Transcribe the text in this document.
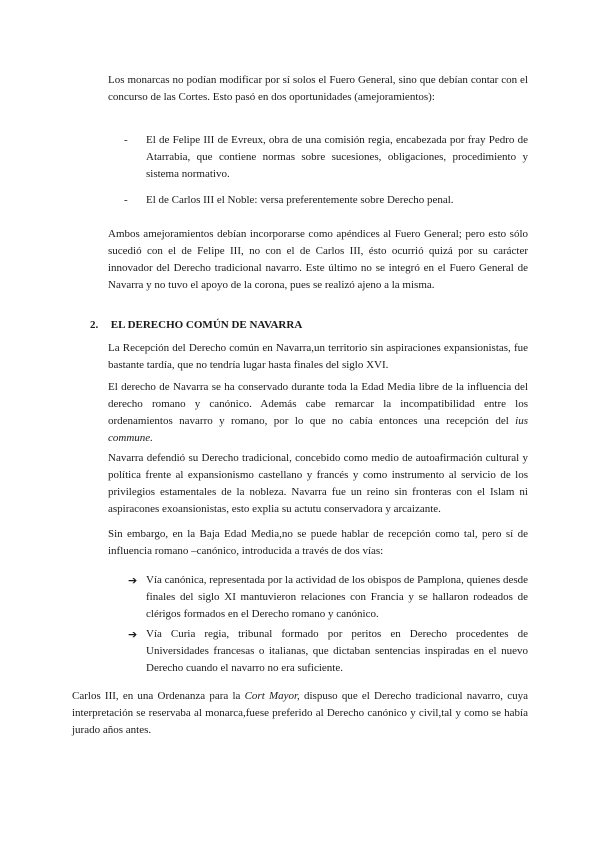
Los monarcas no podían modificar por sí solos el Fuero General, sino que debían contar con el concurso de las Cortes. Esto pasó en dos oportunidades (amejoramientos):

- El de Felipe III de Evreux, obra de una comisión regia, encabezada por fray Pedro de Atarrabia, que contiene normas sobre sucesiones, obligaciones, procedimiento y sistema normativo.
- El de Carlos III el Noble: versa preferentemente sobre Derecho penal.

Ambos amejoramientos debían incorporarse como apéndices al Fuero General; pero esto sólo sucedió con el de Felipe III, no con el de Carlos III, ésto ocurrió quizá por su carácter innovador del Derecho tradicional navarro. Este último no se integró en el Fuero General de Navarra y no tuvo el apoyo de la corona, pues se realizó ajeno a la misma.

2. EL DERECHO COMÚN DE NAVARRA

La Recepción del Derecho común en Navarra,un territorio sin aspiraciones expansionistas, fue bastante tardía, que no tendría lugar hasta finales del siglo XVI.

El derecho de Navarra se ha conservado durante toda la Edad Media libre de la influencia del derecho romano y canónico. Además cabe remarcar la incompatibilidad entre los ordenamientos navarro y romano, por lo que no cabía entonces una recepción del ius commune.

Navarra defendió su Derecho tradicional, concebido como medio de autoafirmación cultural y política frente al expansionismo castellano y francés y como instrumento al servicio de los privilegios estamentales de la nobleza. Navarra fue un reino sin fronteras con el Islam ni aspiracones exoansionistas, esto explia su actutu conservadora y arcaizante.

Sin embargo, en la Baja Edad Media,no se puede hablar de recepción como tal, pero sí de influencia romano –canónico, introducida a través de dos vías:

➔ Vía canónica, representada por la actividad de los obispos de Pamplona, quienes desde finales del siglo XI mantuvieron relaciones con Francia y se hallaron rodeados de clérigos formados en el Derecho romano y canónico.
➔ Vía Curia regia, tribunal formado por peritos en Derecho procedentes de Universidades francesas o italianas, que dictaban sentencias inspiradas en el nuevo Derecho cuando el navarro no era suficiente.

Carlos III, en una Ordenanza para la Cort Mayor, dispuso que el Derecho tradicional navarro, cuya interpretación se reservaba al monarca,fuese preferido al Derecho canónico y civil,tal y como se había jurado años antes.
